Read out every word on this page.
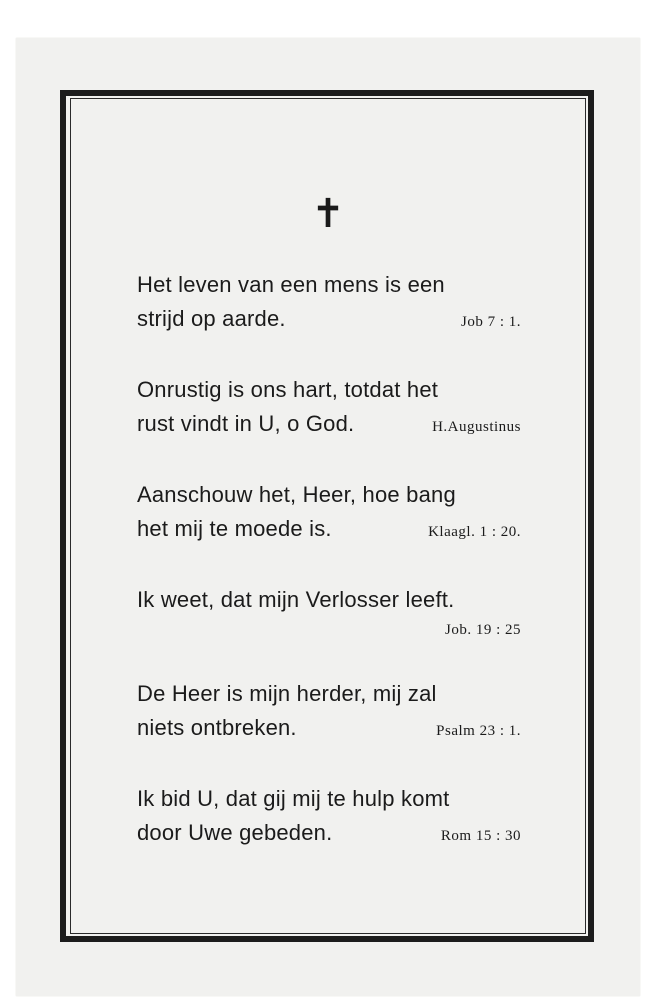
✝
Het leven van een mens is een
strijd op aarde.	Job 7 : 1.
Onrustig is ons hart, totdat het
rust vindt in U, o God.	H.Augustinus
Aanschouw het, Heer, hoe bang
het mij te moede is.	Klaagl. 1 : 20.
Ik weet, dat mijn Verlosser leeft.
Job. 19 : 25
De Heer is mijn herder, mij zal
niets ontbreken.	Psalm 23 : 1.
Ik bid U, dat gij mij te hulp komt
door Uwe gebeden.	Rom 15 : 30
